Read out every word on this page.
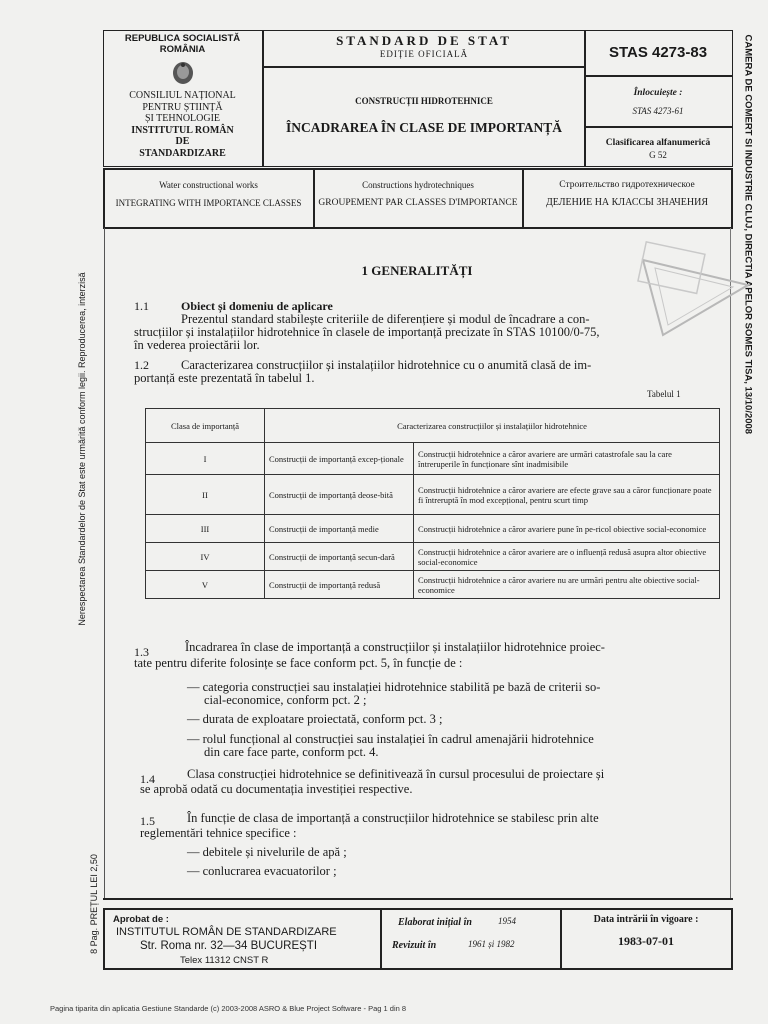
REPUBLICA SOCIALISTĂ
ROMÂNIA
CONSILIUL NAȚIONAL
PENTRU ȘTIINȚĂ
ȘI TEHNOLOGIE
INSTITUTUL ROMÂN
DE
STANDARDIZARE
STANDARD DE STAT
EDIȚIE OFICIALĂ
CONSTRUCȚII HIDROTEHNICE
ÎNCADRAREA ÎN CLASE DE IMPORTANȚĂ
STAS 4273-83
Înlocuiește :
STAS 4273-61
Clasificarea alfanumerică
G 52
Water constructional works
INTEGRATING WITH IMPORTANCE CLASSES
Constructions hydrotechniques
GROUPEMENT PAR CLASSES D'IMPORTANCE
Строительство гидротехническое
ДЕЛЕНИЕ НА КЛАССЫ ЗНАЧЕНИЯ
Nerespectarea Standardelor de Stat este urmărită conform legii. Reproducerea, interzisă
CAMERA DE COMERT SI INDUSTRIE CLUJ, DIRECTIA APELOR SOMES TISA, 13/10/2008
8 Pag. PREȚUL LEI 2,50
1 GENERALITĂȚI
1.1	Obiect și domeniu de aplicare
Prezentul standard stabilește criteriile de diferențiere și modul de încadrare a con-
strucțiilor și instalațiilor hidrotehnice în clasele de importanță precizate în STAS 10100/0-75,
în vederea proiectării lor.
1.2	Caracterizarea construcțiilor și instalațiilor hidrotehnice cu o anumită clasă de im-
portanță este prezentată în tabelul 1.
Tabelul 1
Clasa de importanță	Caracterizarea construcțiilor și instalațiilor hidrotehnice	
I	Construcții de importanță excep-ționale	Construcții hidrotehnice a căror avariere are urmări catastrofale sau la care întreruperile în funcționare sînt inadmisibile
II	Construcții de importanță deose-bită	Construcții hidrotehnice a căror avariere are efecte grave sau a căror funcționare poate fi întreruptă în mod excepțional, pentru scurt timp
III	Construcții de importanță medie	Construcții hidrotehnice a căror avariere pune în pe-ricol obiective social-economice
IV	Construcții de importanță secun-dară	Construcții hidrotehnice a căror avariere are o influență redusă asupra altor obiective social-economice
V	Construcții de importanță redusă	Construcții hidrotehnice a căror avariere nu are urmări pentru alte obiective social-economice
1.3	Încadrarea în clase de importanță a construcțiilor și instalațiilor hidrotehnice proiec-
tate pentru diferite folosințe se face conform pct. 5, în funcție de :
— categoria construcției sau instalației hidrotehnice stabilită pe bază de criterii so-
cial-economice, conform pct. 2 ;
— durata de exploatare proiectată, conform pct. 3 ;
— rolul funcțional al construcției sau instalației în cadrul amenajării hidrotehnice
din care face parte, conform pct. 4.
1.4	Clasa construcției hidrotehnice se definitivează în cursul procesului de proiectare și
se aprobă odată cu documentația investiției respective.
1.5	În funcție de clasa de importanță a construcțiilor hidrotehnice se stabilesc prin alte
reglementări tehnice specifice :
— debitele și nivelurile de apă ;
— conlucrarea evacuatorilor ;
Aprobat de :
INSTITUTUL ROMÂN DE STANDARDIZARE
Str. Roma nr. 32—34 BUCUREȘTI
Telex 11312 CNST R
Elaborat inițial în	1954
Revizuit în	1961 și 1982
Data intrării în vigoare :
1983-07-01
Pagina tiparita din aplicatia Gestiune Standarde (c) 2003-2008 ASRO & Blue Project Software - Pag 1 din 8
